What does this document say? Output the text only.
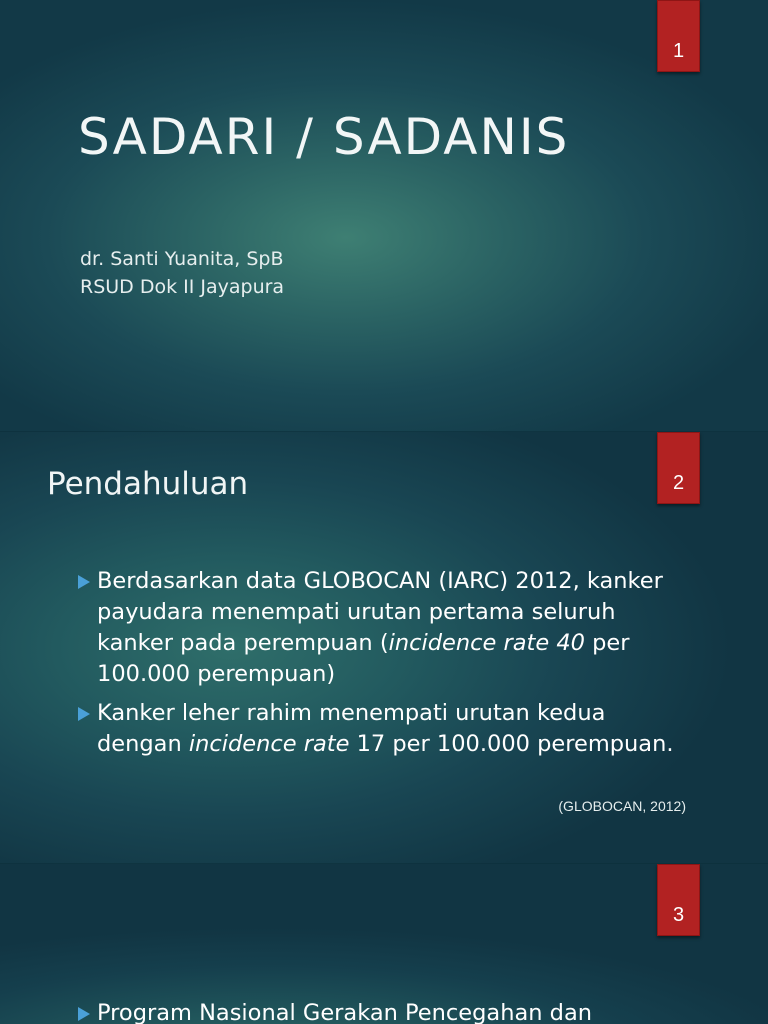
1
SADARI / SADANIS
dr. Santi Yuanita, SpB
RSUD Dok II Jayapura
2
Pendahuluan
Berdasarkan data GLOBOCAN (IARC) 2012, kanker payudara menempati urutan pertama seluruh kanker pada perempuan (incidence rate 40 per 100.000 perempuan)
Kanker leher rahim menempati urutan kedua dengan incidence rate 17 per 100.000 perempuan.
(GLOBOCAN, 2012)
3
Program Nasional Gerakan Pencegahan dan
